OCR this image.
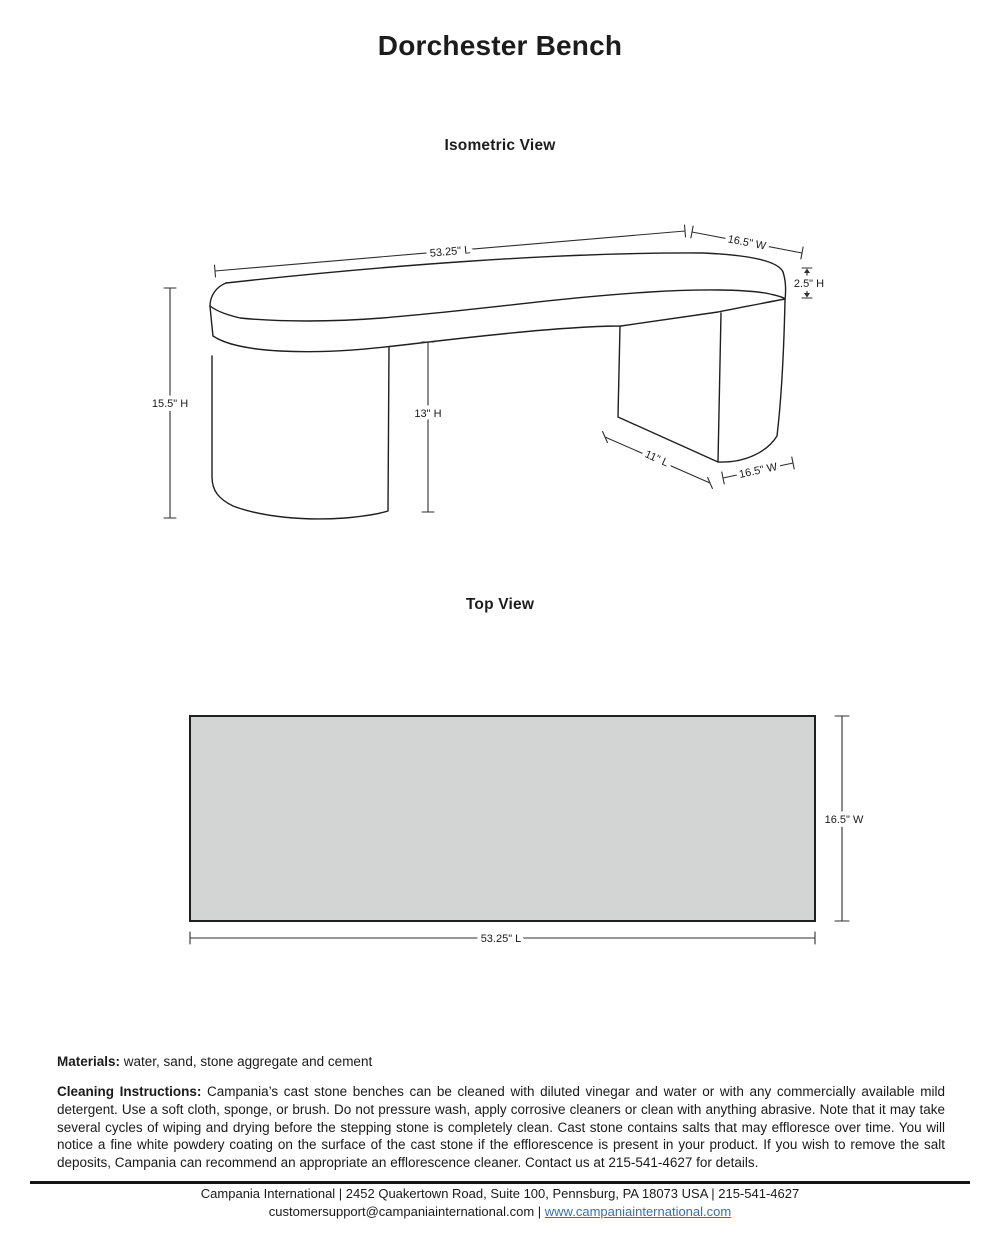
Dorchester Bench
Isometric View
Top View
15.5" H
53.25" L	16.5" W
2.5" H
13" H
11" L
16.5" W
16.5" W
53.25" L
Materials: water, sand, stone aggregate and cement
Cleaning Instructions: Campania’s cast stone benches can be cleaned with diluted vinegar and water or with any commercially available mild detergent. Use a soft cloth, sponge, or brush. Do not pressure wash, apply corrosive cleaners or clean with anything abrasive. Note that it may take several cycles of wiping and drying before the stepping stone is completely clean. Cast stone contains salts that may effloresce over time. You will notice a fine white powdery coating on the surface of the cast stone if the efflorescence is present in your product. If you wish to remove the salt deposits, Campania can recommend an appropriate an efflorescence cleaner. Contact us at 215-541-4627 for details.
Campania International | 2452 Quakertown Road, Suite 100, Pennsburg, PA 18073 USA | 215-541-4627
customersupport@campaniainternational.com | www.campaniainternational.com
